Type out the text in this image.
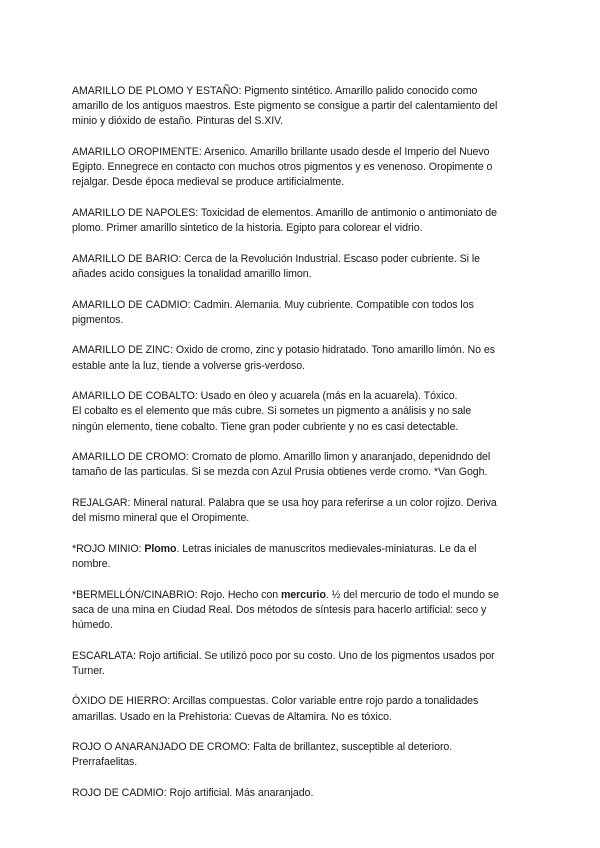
AMARILLO DE PLOMO Y ESTAÑO: Pigmento sintético. Amarillo palido conocido como
amarillo de los antiguos maestros. Este pigmento se consigue a partir del calentamiento del
minio y dióxido de estaño. Pinturas del S.XIV.

AMARILLO OROPIMENTE: Arsenico. Amarillo brillante usado desde el Imperio del Nuevo
Egipto. Ennegrece en contacto con muchos otros pigmentos y es venenoso. Oropimente o
rejalgar. Desde época medieval se produce artificialmente.

AMARILLO DE NAPOLES: Toxicidad de elementos. Amarillo de antimonio o antimoniato de
plomo. Primer amarillo sintetico de la historia. Egipto para colorear el vidrio.

AMARILLO DE BARIO: Cerca de la Revolución Industrial. Escaso poder cubriente. Si le
añades acido consigues la tonalidad amarillo limon.

AMARILLO DE CADMIO: Cadmin. Alemania. Muy cubriente. Compatible con todos los
pigmentos.

AMARILLO DE ZINC: Oxido de cromo, zinc y potasio hidratado. Tono amarillo limón. No es
estable ante la luz, tiende a volverse gris-verdoso.

AMARILLO DE COBALTO: Usado en óleo y acuarela (más en la acuarela). Tóxico.
El cobalto es el elemento que más cubre. Si sometes un pigmento a análisis y no sale
ningún elemento, tiene cobalto. Tiene gran poder cubriente y no es casi detectable.

AMARILLO DE CROMO: Cromato de plomo. Amarillo limon y anaranjado, depenidndo del
tamaño de las particulas. Si se mezda con Azul Prusia obtienes verde cromo. *Van Gogh.

REJALGAR: Mineral natural. Palabra que se usa hoy para referirse a un color rojizo. Deriva
del mismo mineral que el Oropimente.

*ROJO MINIO: Plomo. Letras iniciales de manuscritos medievales-miniaturas. Le da el
nombre.

*BERMELLÓN/CINABRIO: Rojo. Hecho con mercurio. ½ del mercurio de todo el mundo se
saca de una mina en Ciudad Real. Dos métodos de síntesis para hacerlo artificial: seco y
húmedo.

ESCARLATA: Rojo artificial. Se utilizó poco por su costo. Uno de los pigmentos usados por
Turner.

ÓXIDO DE HIERRO: Arcillas compuestas. Color variable entre rojo pardo a tonalidades
amarillas. Usado en la Prehistoria: Cuevas de Altamira. No es tóxico.

ROJO O ANARANJADO DE CROMO: Falta de brillantez, susceptible al deterioro.
Prerrafaelitas.

ROJO DE CADMIO: Rojo artificial. Más anaranjado.
